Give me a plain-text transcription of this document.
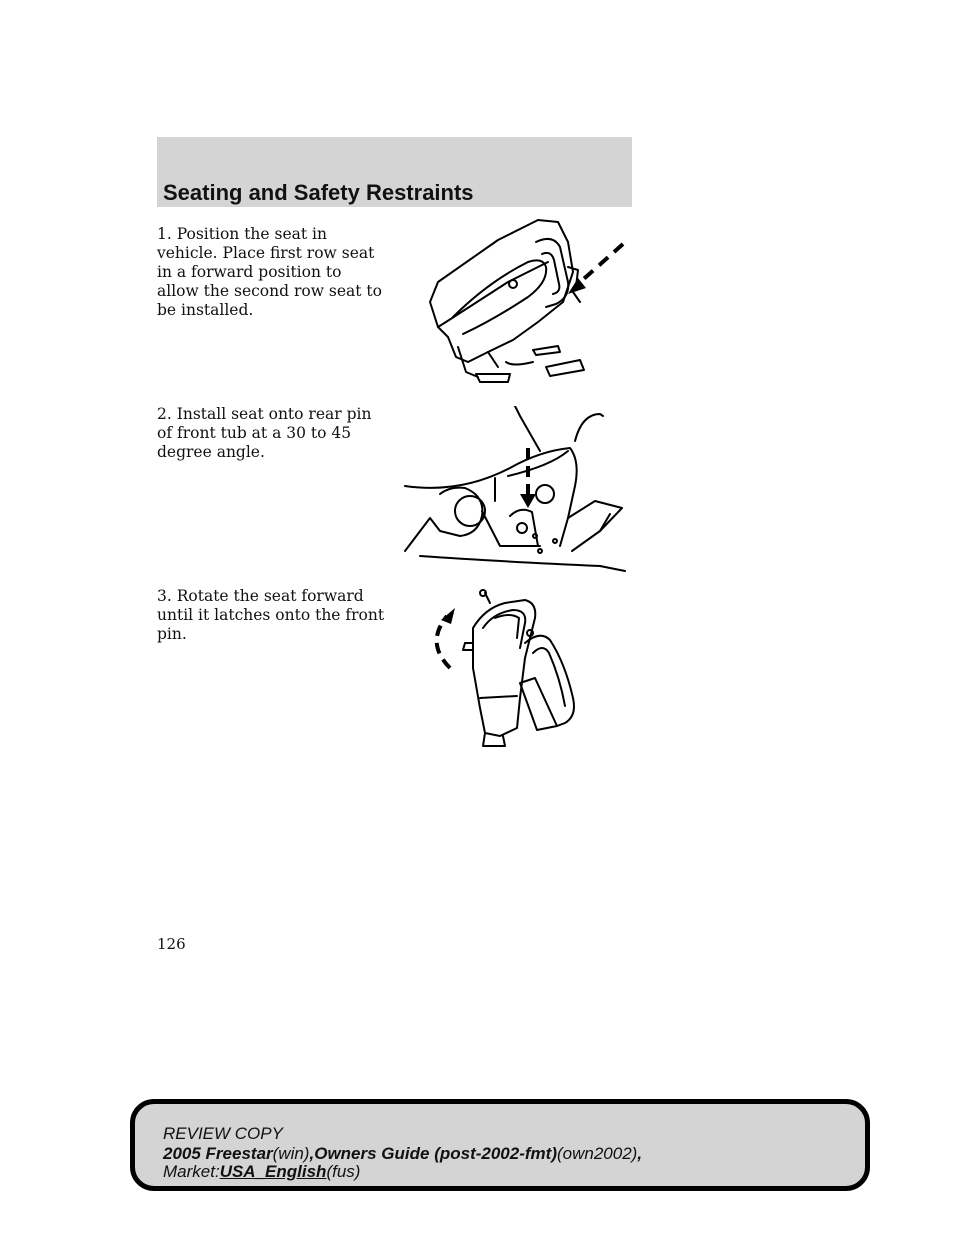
Seating and Safety Restraints

1. Position the seat in vehicle. Place first row seat in a forward position to allow the second row seat to be installed.

2. Install seat onto rear pin of front tub at a 30 to 45 degree angle.

3. Rotate the seat forward until it latches onto the front pin.

126

REVIEW COPY
2005 Freestar(win),Owners Guide (post-2002-fmt)(own2002),
Market:USA_English(fus)
